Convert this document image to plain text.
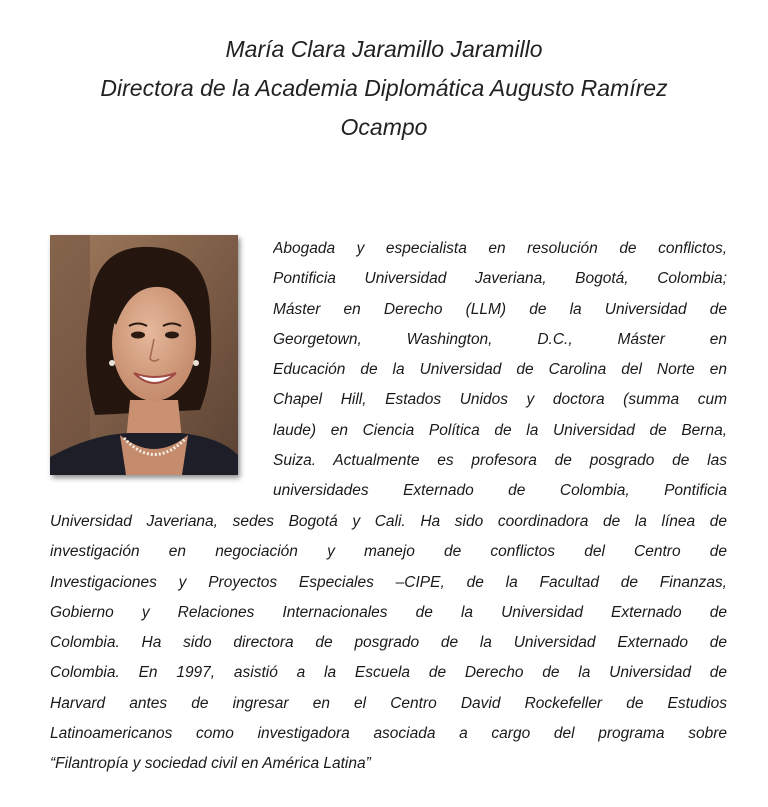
María Clara Jaramillo Jaramillo
Directora de la Academia Diplomática Augusto Ramírez
Ocampo
Abogada y especialista en resolución de conflictos,
Pontificia Universidad Javeriana, Bogotá, Colombia;
Máster en Derecho (LLM) de la Universidad de
Georgetown, Washington, D.C., Máster en
Educación de la Universidad de Carolina del Norte en
Chapel Hill, Estados Unidos y doctora (summa cum
laude) en Ciencia Política de la Universidad de Berna,
Suiza. Actualmente es profesora de posgrado de las
universidades Externado de Colombia, Pontificia
Universidad Javeriana, sedes Bogotá y Cali. Ha sido coordinadora de la línea de
investigación en negociación y manejo de conflictos del Centro de
Investigaciones y Proyectos Especiales –CIPE, de la Facultad de Finanzas,
Gobierno y Relaciones Internacionales de la Universidad Externado de
Colombia. Ha sido directora de posgrado de la Universidad Externado de
Colombia. En 1997, asistió a la Escuela de Derecho de la Universidad de
Harvard antes de ingresar en el Centro David Rockefeller de Estudios
Latinoamericanos como investigadora asociada a cargo del programa sobre
“Filantropía y sociedad civil en América Latina”
